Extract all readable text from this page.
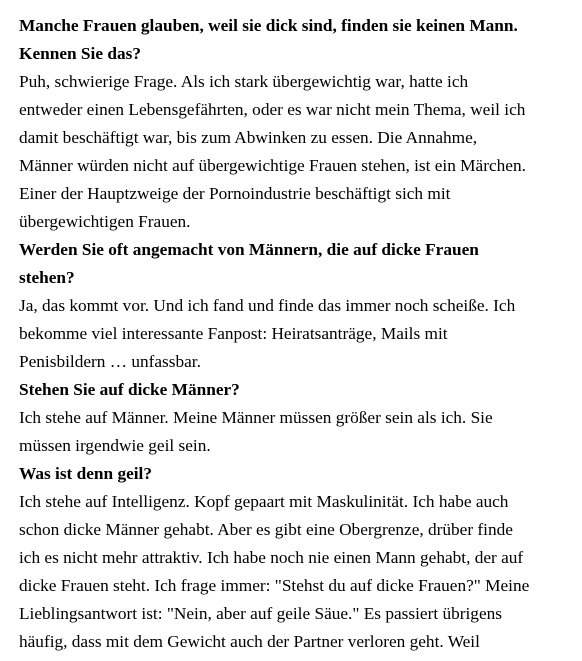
Manche Frauen glauben, weil sie dick sind, finden sie keinen Mann.
Kennen Sie das?

Puh, schwierige Frage. Als ich stark übergewichtig war, hatte ich
entweder einen Lebensgefährten, oder es war nicht mein Thema, weil ich
damit beschäftigt war, bis zum Abwinken zu essen. Die Annahme,
Männer würden nicht auf übergewichtige Frauen stehen, ist ein Märchen.
Einer der Hauptzweige der Pornoindustrie beschäftigt sich mit
übergewichtigen Frauen.

Werden Sie oft angemacht von Männern, die auf dicke Frauen
stehen?

Ja, das kommt vor. Und ich fand und finde das immer noch scheiße. Ich
bekomme viel interessante Fanpost: Heiratsanträge, Mails mit
Penisbildern … unfassbar.

Stehen Sie auf dicke Männer?

Ich stehe auf Männer. Meine Männer müssen größer sein als ich. Sie
müssen irgendwie geil sein.

Was ist denn geil?

Ich stehe auf Intelligenz. Kopf gepaart mit Maskulinität. Ich habe auch
schon dicke Männer gehabt. Aber es gibt eine Obergrenze, drüber finde
ich es nicht mehr attraktiv. Ich habe noch nie einen Mann gehabt, der auf
dicke Frauen steht. Ich frage immer: "Stehst du auf dicke Frauen?" Meine
Lieblingsantwort ist: "Nein, aber auf geile Säue." Es passiert übrigens
häufig, dass mit dem Gewicht auch der Partner verloren geht. Weil
